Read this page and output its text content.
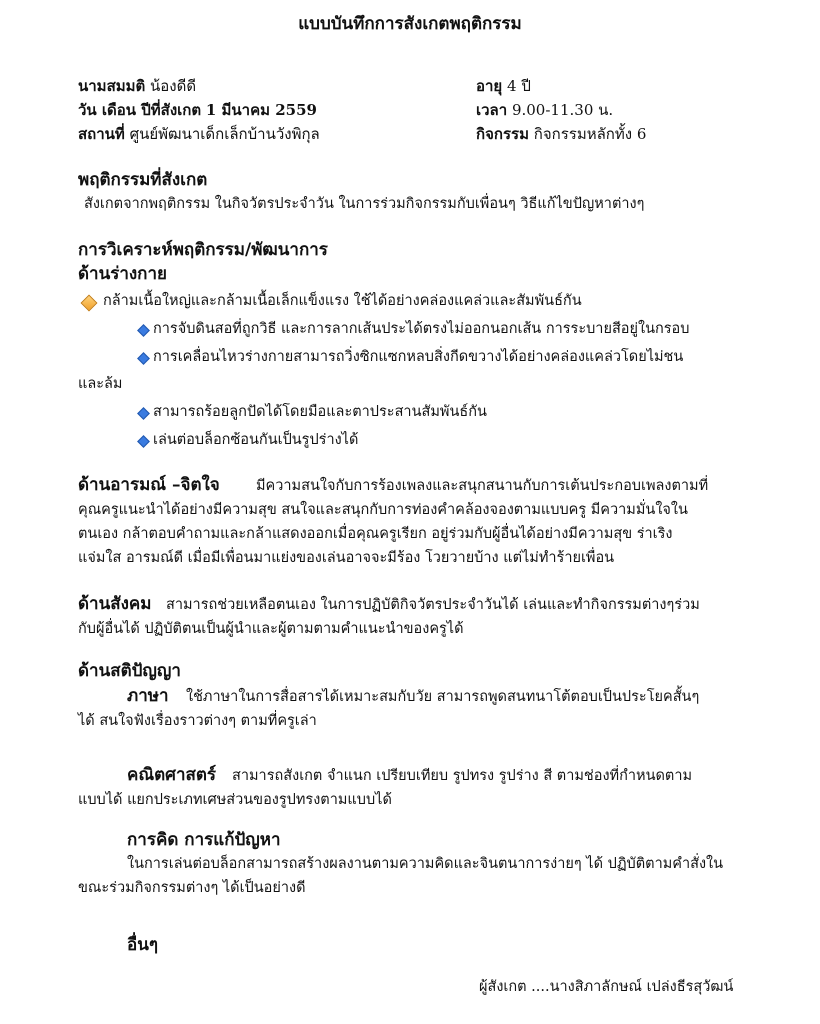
แบบบันทึกการสังเกตพฤติกรรม
นามสมมติ น้องดีดี	อายุ 4 ปี
วัน เดือน ปีที่สังเกต 1 มีนาคม 2559	เวลา 9.00-11.30 น.
สถานที่ ศูนย์พัฒนาเด็กเล็กบ้านวังพิกุล	กิจกรรม กิจกรรมหลักทั้ง 6
พฤติกรรมที่สังเกต
สังเกตจากพฤติกรรม ในกิจวัตรประจำวัน ในการร่วมกิจกรรมกับเพื่อนๆ วิธีแก้ไขปัญหาต่างๆ
การวิเคราะห์พฤติกรรม/พัฒนาการ
ด้านร่างกาย
กล้ามเนื้อใหญ่และกล้ามเนื้อเล็กแข็งแรง ใช้ได้อย่างคล่องแคล่วและสัมพันธ์กัน
การจับดินสอที่ถูกวิธี และการลากเส้นประได้ตรงไม่ออกนอกเส้น การระบายสีอยู่ในกรอบ
การเคลื่อนไหวร่างกายสามารถวิ่งซิกแซกหลบสิ่งกีดขวางได้อย่างคล่องแคล่วโดยไม่ชน
และล้ม
สามารถร้อยลูกปัดได้โดยมือและตาประสานสัมพันธ์กัน
เล่นต่อบล็อกซ้อนกันเป็นรูปร่างได้
ด้านอารมณ์ –จิตใจ มีความสนใจกับการร้องเพลงและสนุกสนานกับการเต้นประกอบเพลงตามที่
คุณครูแนะนำได้อย่างมีความสุข สนใจและสนุกกับการท่องคำคล้องจองตามแบบครู มีความมั่นใจใน
ตนเอง กล้าตอบคำถามและกล้าแสดงออกเมื่อคุณครูเรียก อยู่ร่วมกับผู้อื่นได้อย่างมีความสุข ร่าเริง
แจ่มใส อารมณ์ดี เมื่อมีเพื่อนมาแย่งของเล่นอาจจะมีร้อง โวยวายบ้าง แต่ไม่ทำร้ายเพื่อน
ด้านสังคม สามารถช่วยเหลือตนเอง ในการปฏิบัติกิจวัตรประจำวันได้ เล่นและทำกิจกรรมต่างๆร่วม
กับผู้อื่นได้ ปฏิบัติตนเป็นผู้นำและผู้ตามตามคำแนะนำของครูได้
ด้านสติปัญญา
ภาษา ใช้ภาษาในการสื่อสารได้เหมาะสมกับวัย สามารถพูดสนทนาโต้ตอบเป็นประโยคสั้นๆ
ได้ สนใจฟังเรื่องราวต่างๆ ตามที่ครูเล่า
คณิตศาสตร์ สามารถสังเกต จำแนก เปรียบเทียบ รูปทรง รูปร่าง สี ตามช่องที่กำหนดตาม
แบบได้ แยกประเภทเศษส่วนของรูปทรงตามแบบได้
การคิด การแก้ปัญหา
ในการเล่นต่อบล็อกสามารถสร้างผลงานตามความคิดและจินตนาการง่ายๆ ได้ ปฏิบัติตามคำสั่งใน
ขณะร่วมกิจกรรมต่างๆ ได้เป็นอย่างดี
อื่นๆ
ผู้สังเกต ....นางสิภาลักษณ์ เปล่งธีรสุวัฒน์
